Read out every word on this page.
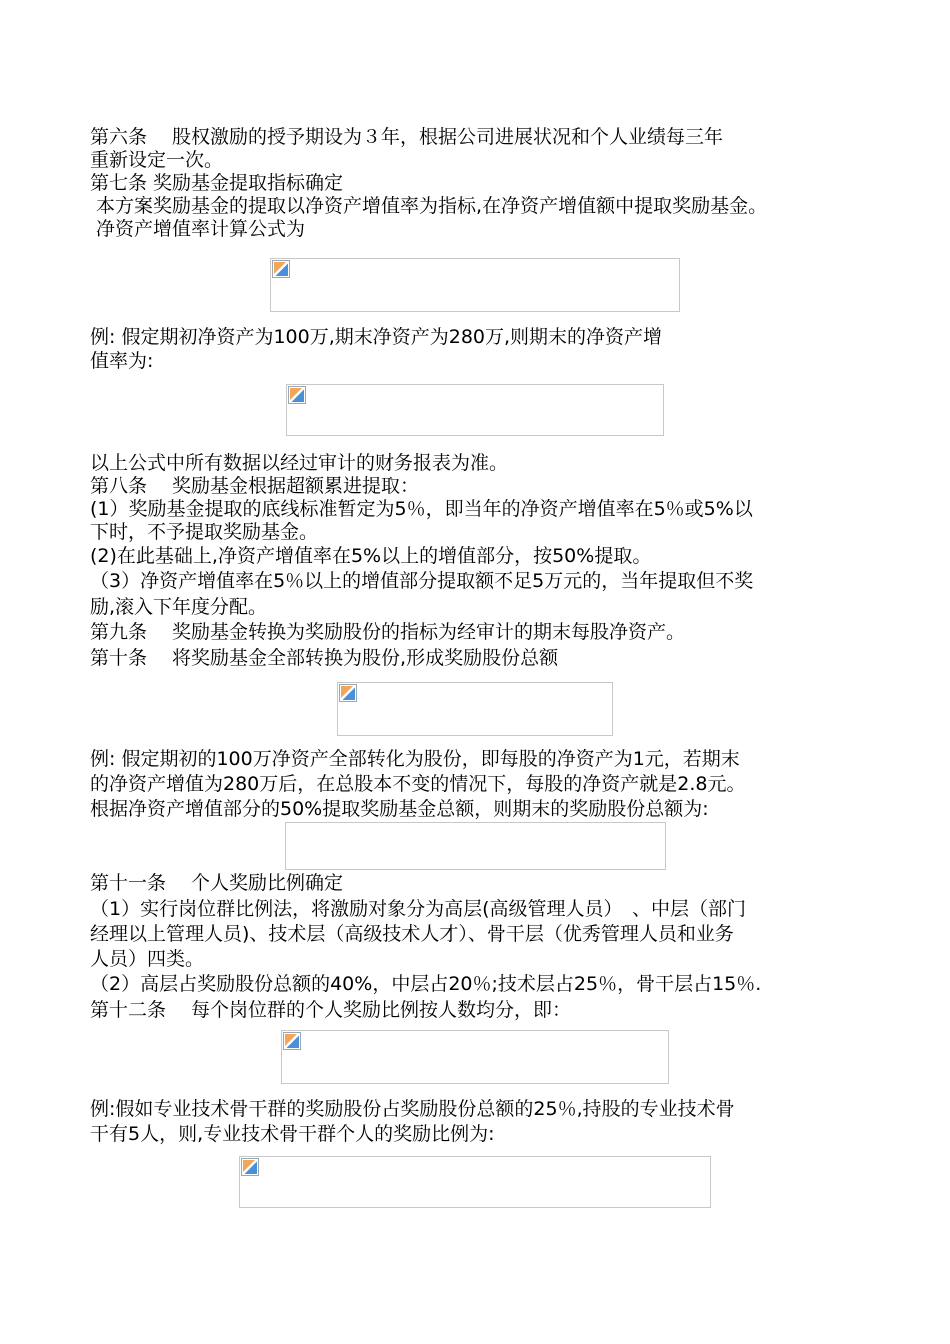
第六条　 股权激励的授予期设为３年，根据公司进展状况和个人业绩每三年
重新设定一次。
第七条 奖励基金提取指标确定
本方案奖励基金的提取以净资产增值率为指标,在净资产增值额中提取奖励基金。
净资产增值率计算公式为
例: 假定期初净资产为100万,期末净资产为280万,则期末的净资产增
值率为:
以上公式中所有数据以经过审计的财务报表为准。
第八条　 奖励基金根据超额累进提取：
(1）奖励基金提取的底线标准暂定为5％，即当年的净资产增值率在5％或5%以
下时，不予提取奖励基金。
(2)在此基础上,净资产增值率在5%以上的增值部分，按50%提取。
（3）净资产增值率在5％以上的增值部分提取额不足5万元的，当年提取但不奖
励,滚入下年度分配。
第九条　 奖励基金转换为奖励股份的指标为经审计的期末每股净资产。
第十条　 将奖励基金全部转换为股份,形成奖励股份总额
例: 假定期初的100万净资产全部转化为股份，即每股的净资产为1元，若期末
的净资产增值为280万后，在总股本不变的情况下，每股的净资产就是2.8元。
根据净资产增值部分的50%提取奖励基金总额，则期末的奖励股份总额为:
第十一条　 个人奖励比例确定
（1）实行岗位群比例法，将激励对象分为高层(高级管理人员）　、中层（部门
经理以上管理人员)、技术层（高级技术人才）、骨干层（优秀管理人员和业务
人员）四类。
（2）高层占奖励股份总额的40%，中层占20％;技术层占25％，骨干层占15％.
第十二条　 每个岗位群的个人奖励比例按人数均分，即：
例:假如专业技术骨干群的奖励股份占奖励股份总额的25％,持股的专业技术骨
干有5人，则,专业技术骨干群个人的奖励比例为:
